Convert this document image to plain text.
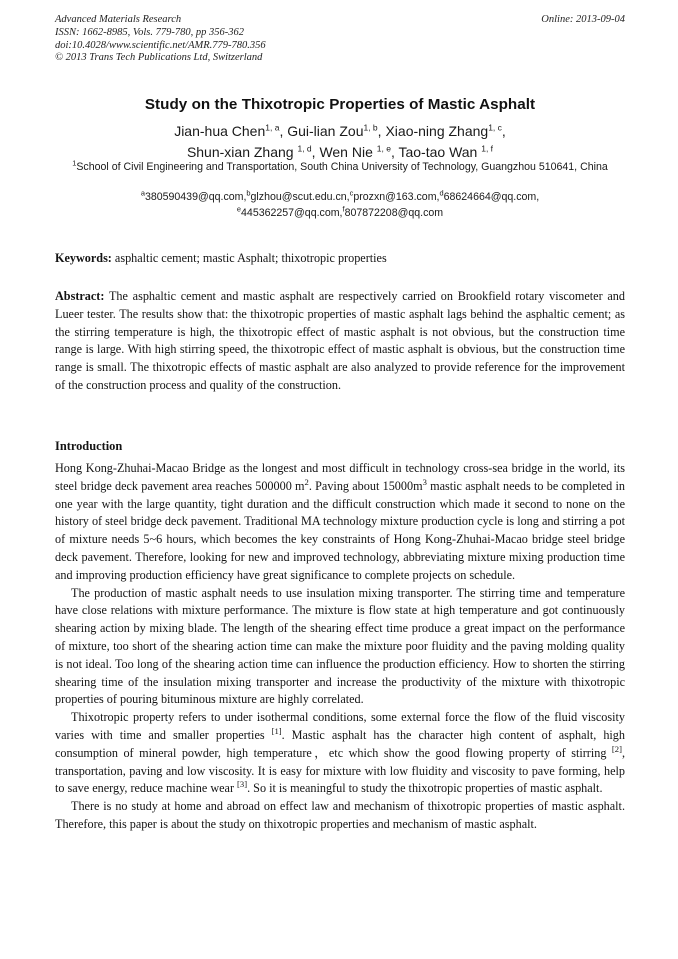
Advanced Materials Research	Online: 2013-09-04
ISSN: 1662-8985, Vols. 779-780, pp 356-362
doi:10.4028/www.scientific.net/AMR.779-780.356
© 2013 Trans Tech Publications Ltd, Switzerland
Study on the Thixotropic Properties of Mastic Asphalt
Jian-hua Chen$^{1, a}$, Gui-lian Zou$^{1, b}$, Xiao-ning Zhang$^{1, c}$,
Shun-xian Zhang $^{1, d}$, Wen Nie $^{1, e}$, Tao-tao Wan $^{1, f}$
$^1$School of Civil Engineering and Transportation, South China University of Technology, Guangzhou 510641, China
$^a$380590439@qq.com,$^b$glzhou@scut.edu.cn,$^c$prozxn@163.com,$^d$68624664@qq.com,
$^e$445362257@qq.com,$^f$807872208@qq.com
Keywords: asphaltic cement; mastic Asphalt; thixotropic properties
Abstract: The asphaltic cement and mastic asphalt are respectively carried on Brookfield rotary viscometer and Lueer tester. The results show that: the thixotropic properties of mastic asphalt lags behind the asphaltic cement; as the stirring temperature is high, the thixotropic effect of mastic asphalt is not obvious, but the construction time range is large. With high stirring speed, the thixotropic effect of mastic asphalt is obvious, but the construction time range is small. The thixotropic effects of mastic asphalt are also analyzed to provide reference for the improvement of the construction process and quality of the construction.
Introduction

Hong Kong-Zhuhai-Macao Bridge as the longest and most difficult in technology cross-sea bridge in the world, its steel bridge deck pavement area reaches 500000 $m^2$. Paving about $15000m^3$ mastic asphalt needs to be completed in one year with the large quantity, tight duration and the difficult construction which made it second to none on the history of steel bridge deck pavement. Traditional MA technology mixture production cycle is long and stirring a pot of mixture needs 5~6 hours, which becomes the key constraints of Hong Kong-Zhuhai-Macao bridge steel bridge deck pavement. Therefore, looking for new and improved technology, abbreviating mixture mixing production time and improving production efficiency have great significance to complete projects on schedule.

The production of mastic asphalt needs to use insulation mixing transporter. The stirring time and temperature have close relations with mixture performance. The mixture is flow state at high temperature and got continuously shearing action by mixing blade. The length of the shearing effect time produce a great impact on the performance of mixture, too short of the shearing action time can make the mixture poor fluidity and the paving molding quality is not ideal. Too long of the shearing action time can influence the production efficiency. How to shorten the stirring shearing time of the insulation mixing transporter and increase the productivity of the mixture with thixotropic properties of pouring bituminous mixture are highly correlated.

Thixotropic property refers to under isothermal conditions, some external force the flow of the fluid viscosity varies with time and smaller properties [1]. Mastic asphalt has the character high content of asphalt, high consumption of mineral powder, high temperature，etc which show the good flowing property of stirring [2], transportation, paving and low viscosity. It is easy for mixture with low fluidity and viscosity to pave forming, help to save energy, reduce machine wear [3]. So it is meaningful to study the thixotropic properties of mastic asphalt.

There is no study at home and abroad on effect law and mechanism of thixotropic properties of mastic asphalt. Therefore, this paper is about the study on thixotropic properties and mechanism of mastic asphalt.
